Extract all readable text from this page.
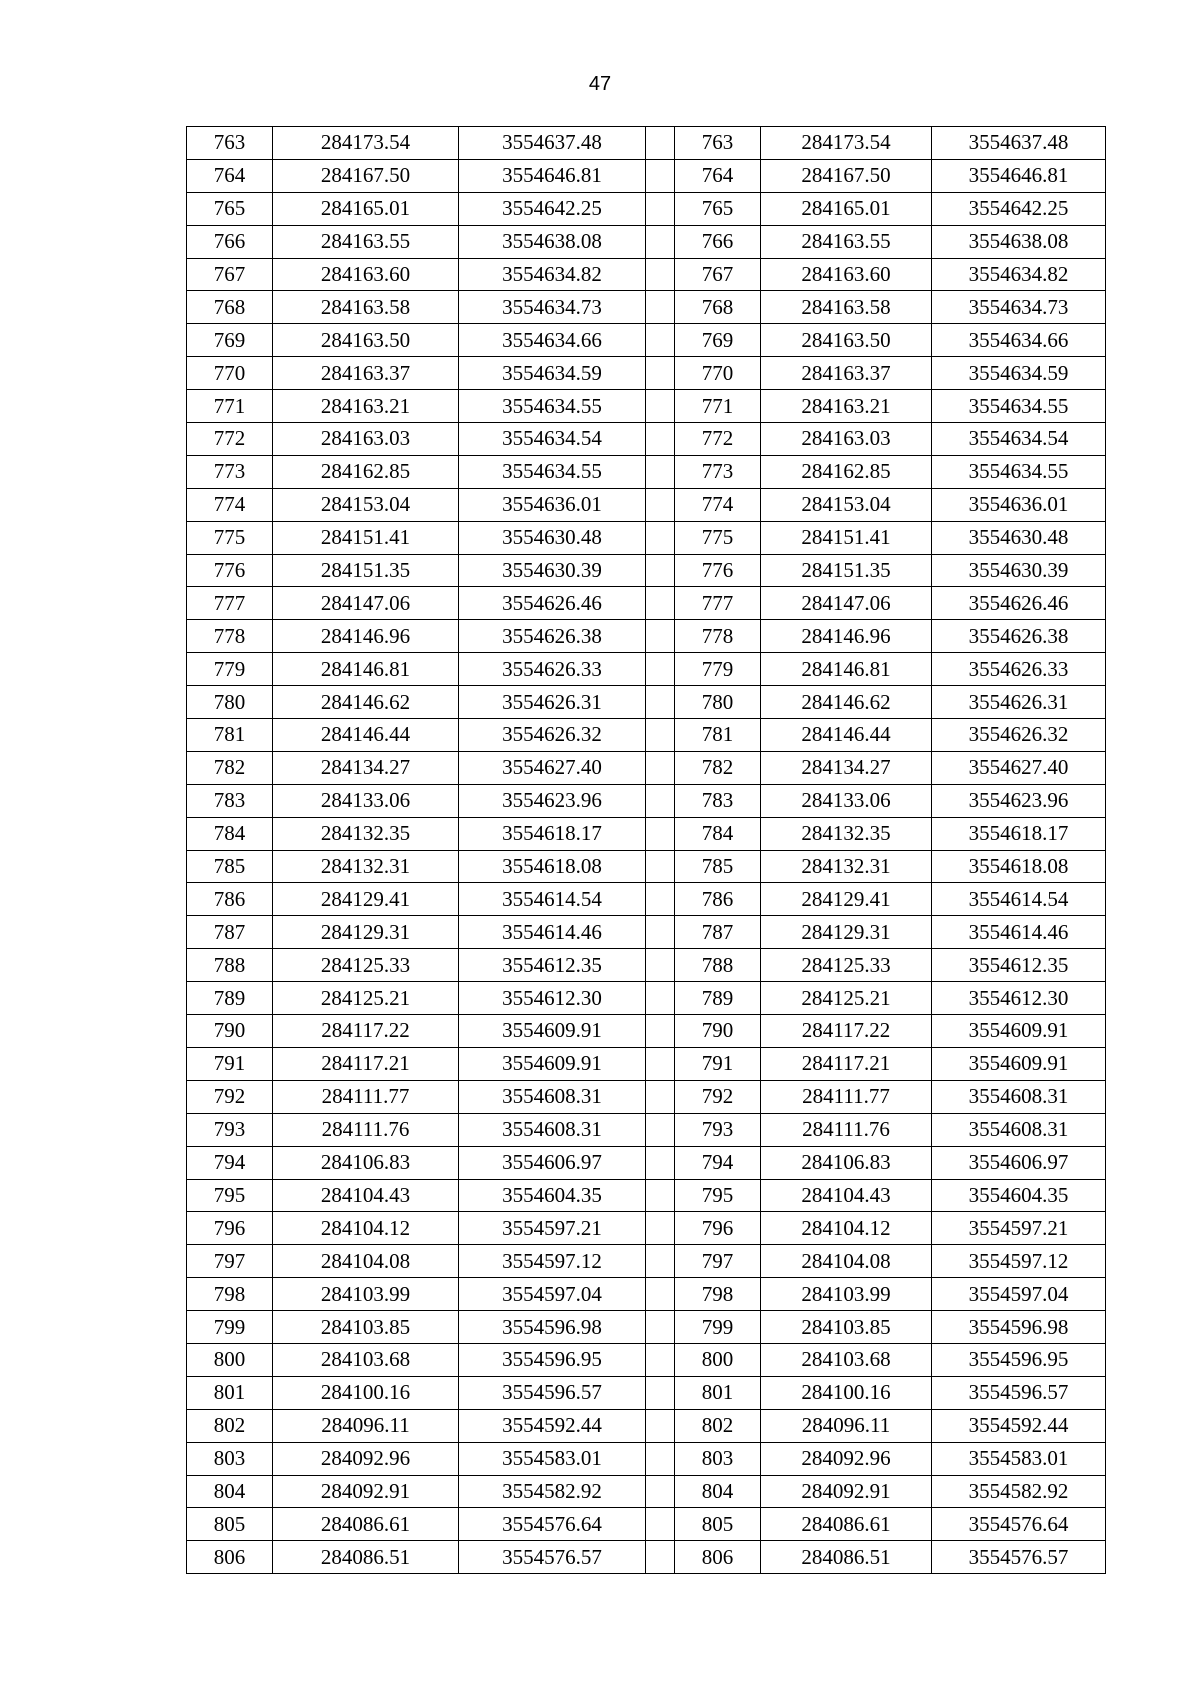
47
763	284173.54	3554637.48		763	284173.54	3554637.48
764	284167.50	3554646.81		764	284167.50	3554646.81
765	284165.01	3554642.25		765	284165.01	3554642.25
766	284163.55	3554638.08		766	284163.55	3554638.08
767	284163.60	3554634.82		767	284163.60	3554634.82
768	284163.58	3554634.73		768	284163.58	3554634.73
769	284163.50	3554634.66		769	284163.50	3554634.66
770	284163.37	3554634.59		770	284163.37	3554634.59
771	284163.21	3554634.55		771	284163.21	3554634.55
772	284163.03	3554634.54		772	284163.03	3554634.54
773	284162.85	3554634.55		773	284162.85	3554634.55
774	284153.04	3554636.01		774	284153.04	3554636.01
775	284151.41	3554630.48		775	284151.41	3554630.48
776	284151.35	3554630.39		776	284151.35	3554630.39
777	284147.06	3554626.46		777	284147.06	3554626.46
778	284146.96	3554626.38		778	284146.96	3554626.38
779	284146.81	3554626.33		779	284146.81	3554626.33
780	284146.62	3554626.31		780	284146.62	3554626.31
781	284146.44	3554626.32		781	284146.44	3554626.32
782	284134.27	3554627.40		782	284134.27	3554627.40
783	284133.06	3554623.96		783	284133.06	3554623.96
784	284132.35	3554618.17		784	284132.35	3554618.17
785	284132.31	3554618.08		785	284132.31	3554618.08
786	284129.41	3554614.54		786	284129.41	3554614.54
787	284129.31	3554614.46		787	284129.31	3554614.46
788	284125.33	3554612.35		788	284125.33	3554612.35
789	284125.21	3554612.30		789	284125.21	3554612.30
790	284117.22	3554609.91		790	284117.22	3554609.91
791	284117.21	3554609.91		791	284117.21	3554609.91
792	284111.77	3554608.31		792	284111.77	3554608.31
793	284111.76	3554608.31		793	284111.76	3554608.31
794	284106.83	3554606.97		794	284106.83	3554606.97
795	284104.43	3554604.35		795	284104.43	3554604.35
796	284104.12	3554597.21		796	284104.12	3554597.21
797	284104.08	3554597.12		797	284104.08	3554597.12
798	284103.99	3554597.04		798	284103.99	3554597.04
799	284103.85	3554596.98		799	284103.85	3554596.98
800	284103.68	3554596.95		800	284103.68	3554596.95
801	284100.16	3554596.57		801	284100.16	3554596.57
802	284096.11	3554592.44		802	284096.11	3554592.44
803	284092.96	3554583.01		803	284092.96	3554583.01
804	284092.91	3554582.92		804	284092.91	3554582.92
805	284086.61	3554576.64		805	284086.61	3554576.64
806	284086.51	3554576.57		806	284086.51	3554576.57
